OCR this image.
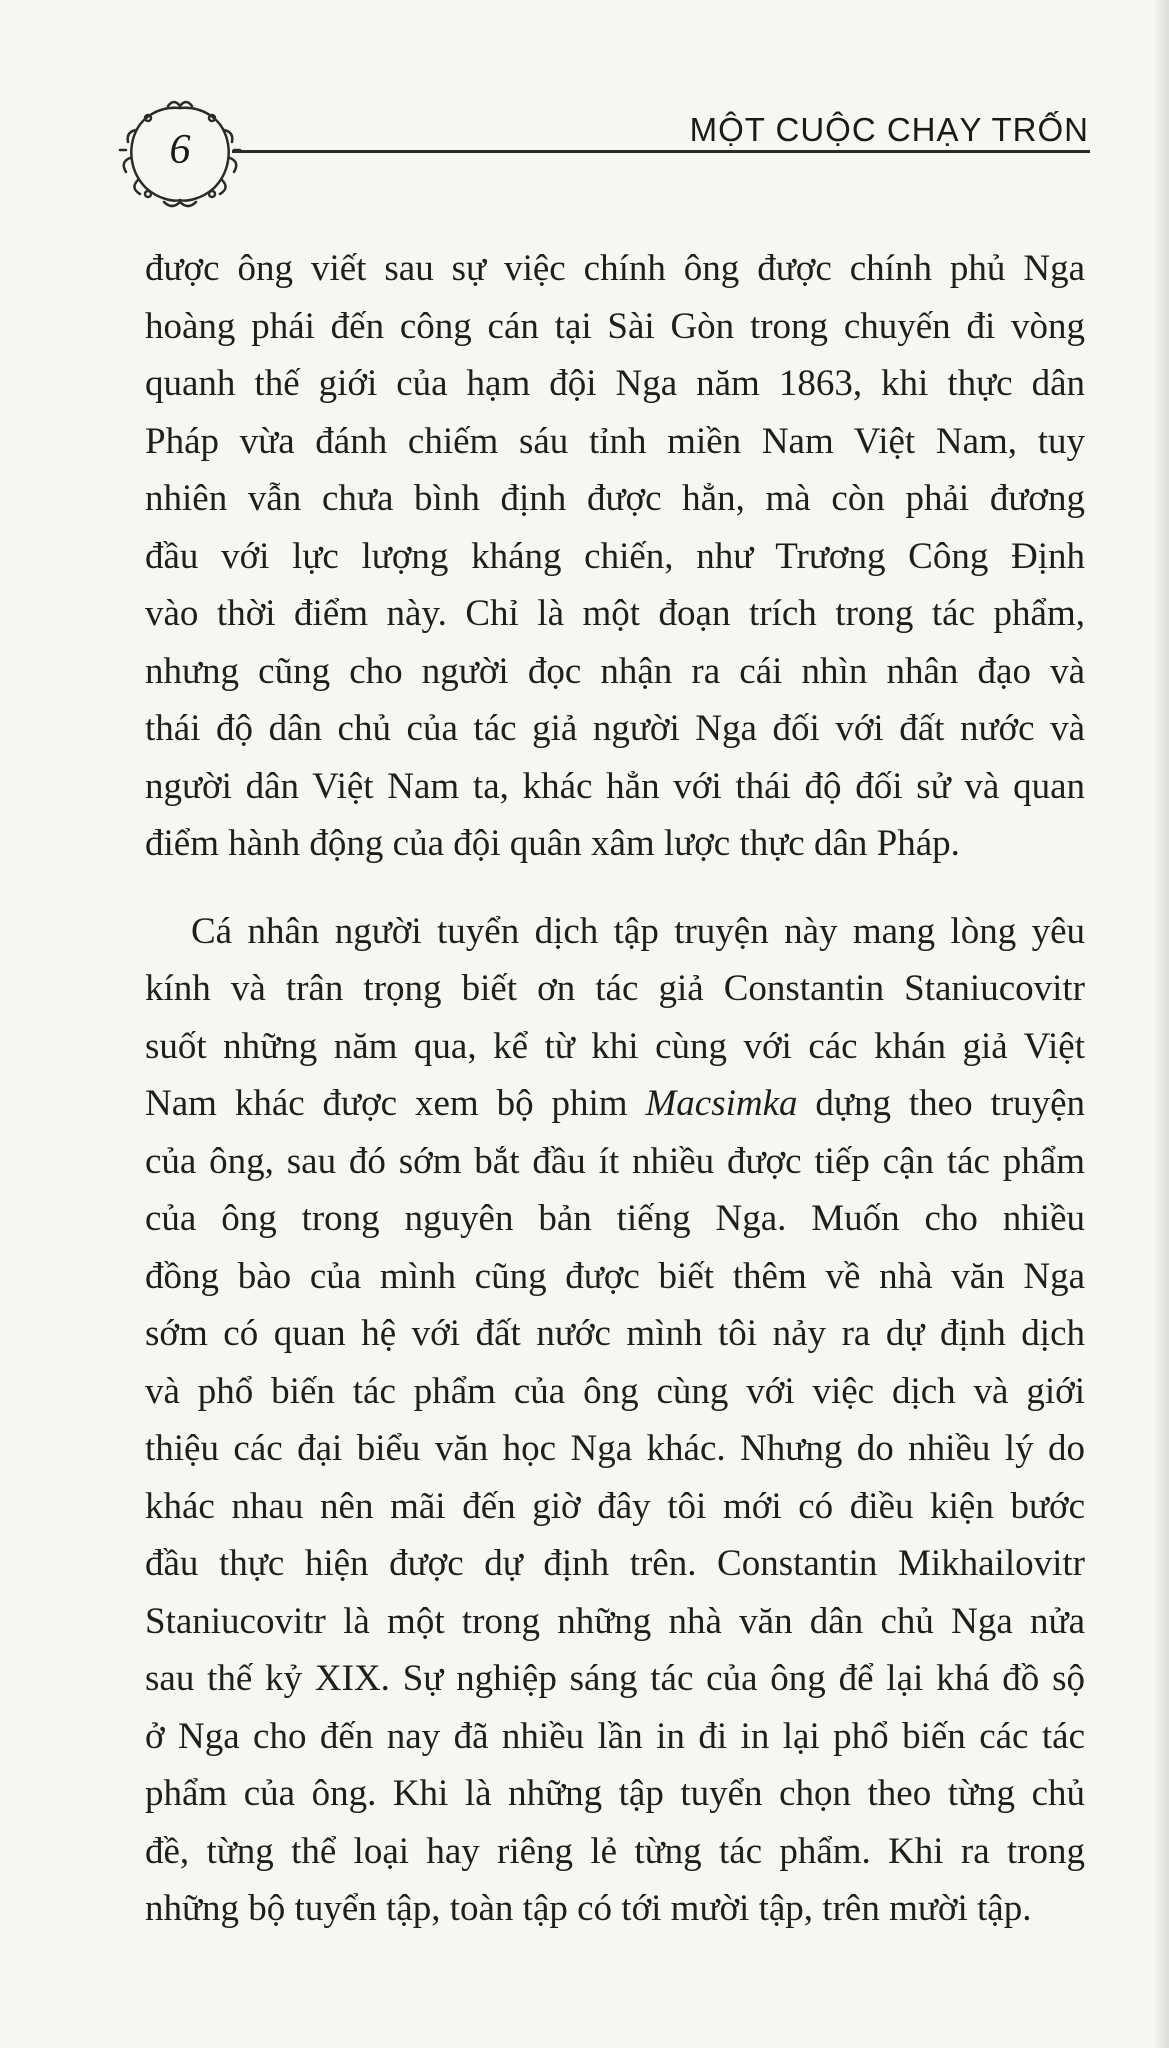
6	MỘT CUỘC CHẠY TRỐN
được ông viết sau sự việc chính ông được chính phủ Nga
hoàng phái đến công cán tại Sài Gòn trong chuyến đi vòng
quanh thế giới của hạm đội Nga năm 1863, khi thực dân
Pháp vừa đánh chiếm sáu tỉnh miền Nam Việt Nam, tuy
nhiên vẫn chưa bình định được hẳn, mà còn phải đương
đầu với lực lượng kháng chiến, như Trương Công Định
vào thời điểm này. Chỉ là một đoạn trích trong tác phẩm,
nhưng cũng cho người đọc nhận ra cái nhìn nhân đạo và
thái độ dân chủ của tác giả người Nga đối với đất nước và
người dân Việt Nam ta, khác hẳn với thái độ đối sử và quan
điểm hành động của đội quân xâm lược thực dân Pháp.
Cá nhân người tuyển dịch tập truyện này mang lòng yêu
kính và trân trọng biết ơn tác giả Constantin Staniucovitr
suốt những năm qua, kể từ khi cùng với các khán giả Việt
Nam khác được xem bộ phim Macsimka dựng theo truyện
của ông, sau đó sớm bắt đầu ít nhiều được tiếp cận tác phẩm
của ông trong nguyên bản tiếng Nga. Muốn cho nhiều
đồng bào của mình cũng được biết thêm về nhà văn Nga
sớm có quan hệ với đất nước mình tôi nảy ra dự định dịch
và phổ biến tác phẩm của ông cùng với việc dịch và giới
thiệu các đại biểu văn học Nga khác. Nhưng do nhiều lý do
khác nhau nên mãi đến giờ đây tôi mới có điều kiện bước
đầu thực hiện được dự định trên. Constantin Mikhailovitr
Staniucovitr là một trong những nhà văn dân chủ Nga nửa
sau thế kỷ XIX. Sự nghiệp sáng tác của ông để lại khá đồ sộ
ở Nga cho đến nay đã nhiều lần in đi in lại phổ biến các tác
phẩm của ông. Khi là những tập tuyển chọn theo từng chủ
đề, từng thể loại hay riêng lẻ từng tác phẩm. Khi ra trong
những bộ tuyển tập, toàn tập có tới mười tập, trên mười tập.
